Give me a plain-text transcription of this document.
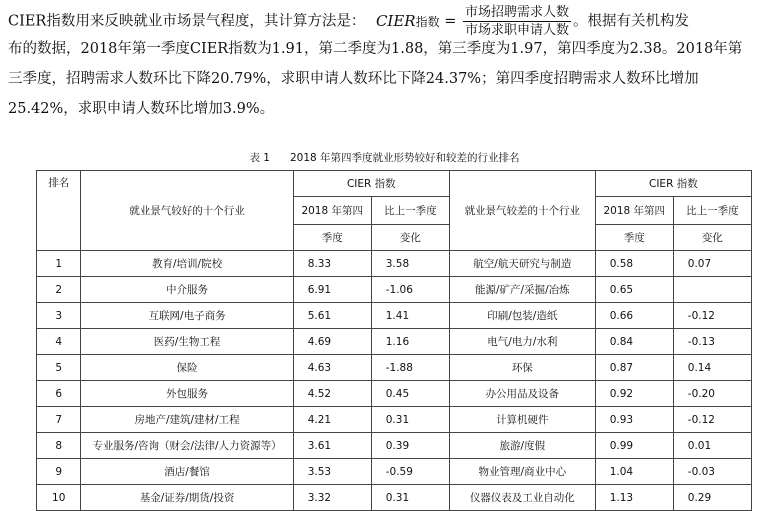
CIER指数用来反映就业市场景气程度，其计算方法是： CIER指数 = $\frac{\text{市场招聘需求人数}}{\text{市场求职申请人数}}$ 。根据有关机构发
布的数据，2018年第一季度CIER指数为1.91，第二季度为1.88，第三季度为1.97，第四季度为2.38。2018年第
三季度，招聘需求人数环比下降20.79%，求职申请人数环比下降24.37%；第四季度招聘需求人数环比增加
25.42%，求职申请人数环比增加3.9%。
表 1 2018 年第四季度就业形势较好和较差的行业排名
排名	就业景气较好的十个行业	CIER 指数		就业景气较差的十个行业	CIER 指数	
		2018 年第四	比上一季度		2018 年第四	比上一季度
		季度	变化		季度	变化
1	教育/培训/院校	8.33	3.58	航空/航天研究与制造	0.58	0.07
2	中介服务	6.91	-1.06	能源/矿产/采掘/冶炼	0.65	
3	互联网/电子商务	5.61	1.41	印刷/包装/造纸	0.66	-0.12
4	医药/生物工程	4.69	1.16	电气/电力/水利	0.84	-0.13
5	保险	4.63	-1.88	环保	0.87	0.14
6	外包服务	4.52	0.45	办公用品及设备	0.92	-0.20
7	房地产/建筑/建材/工程	4.21	0.31	计算机硬件	0.93	-0.12
8	专业服务/咨询（财会/法律/人力资源等）	3.61	0.39	旅游/度假	0.99	0.01
9	酒店/餐馆	3.53	-0.59	物业管理/商业中心	1.04	-0.03
10	基金/证券/期货/投资	3.32	0.31	仪器仪表及工业自动化	1.13	0.29
